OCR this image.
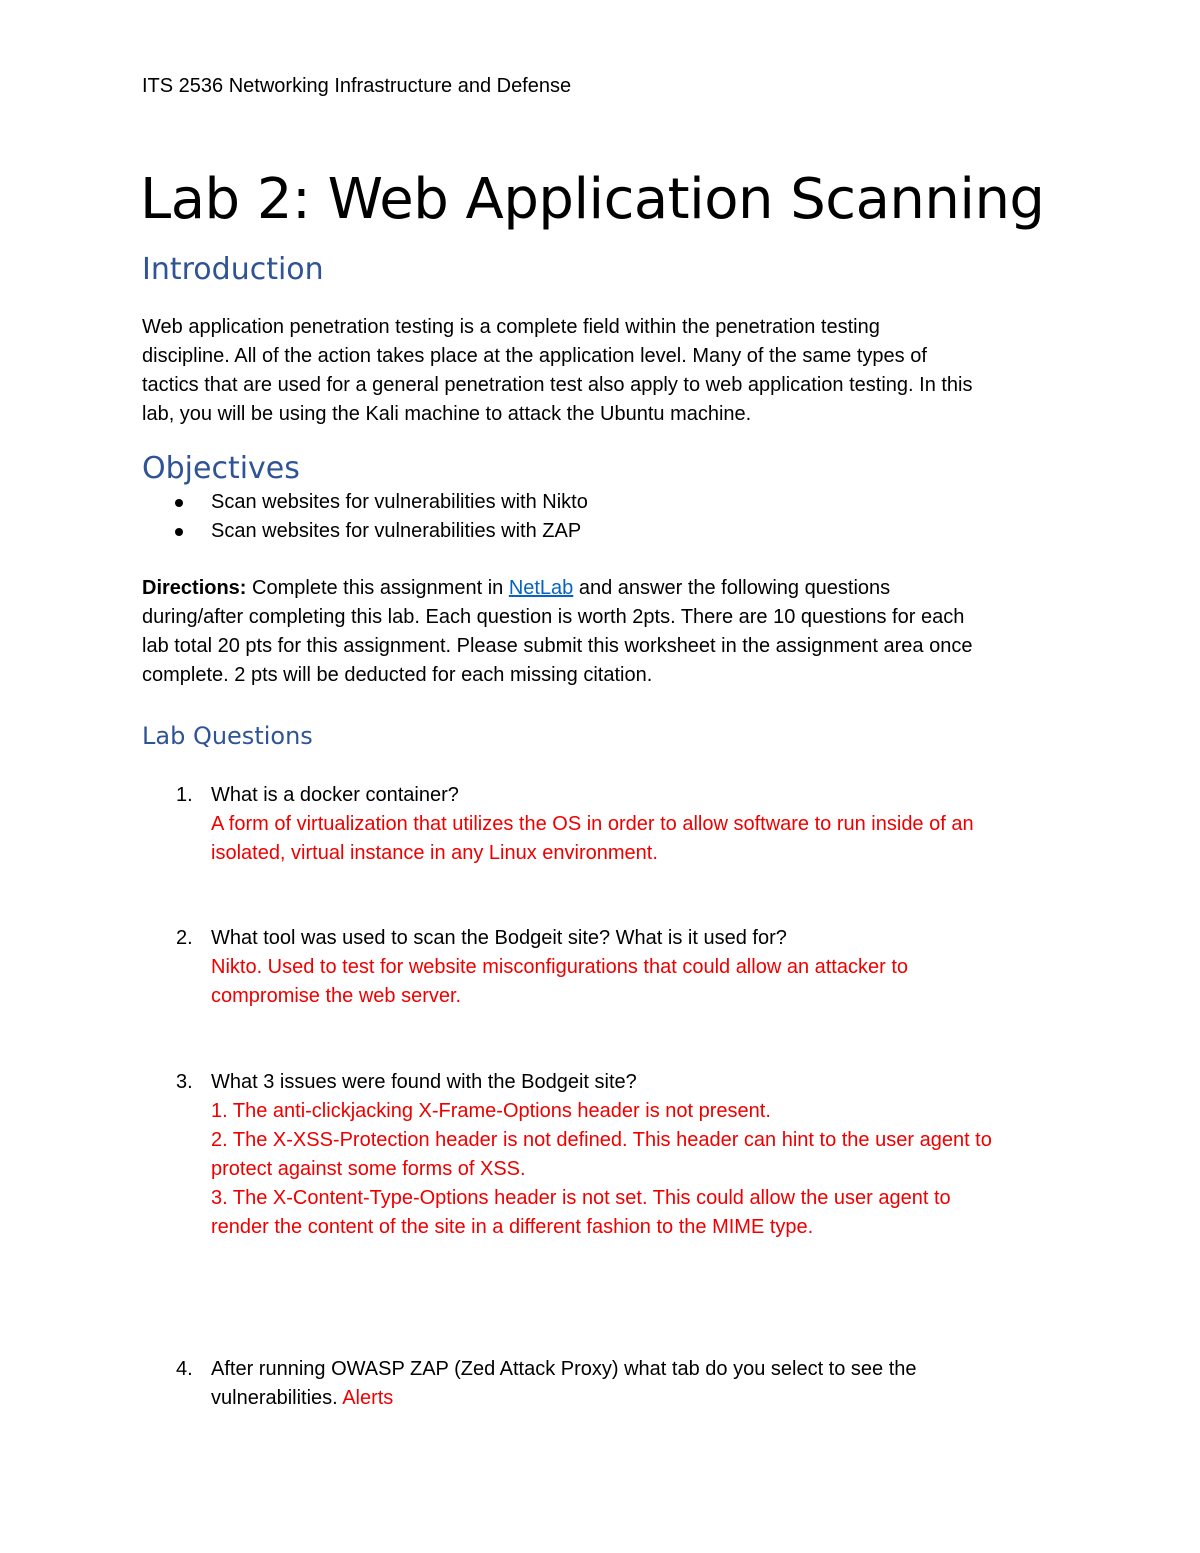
ITS 2536 Networking Infrastructure and Defense
Lab 2: Web Application Scanning
Introduction
Web application penetration testing is a complete field within the penetration testing
discipline. All of the action takes place at the application level. Many of the same types of
tactics that are used for a general penetration test also apply to web application testing. In this
lab, you will be using the Kali machine to attack the Ubuntu machine.
Objectives
Scan websites for vulnerabilities with Nikto
Scan websites for vulnerabilities with ZAP
Directions: Complete this assignment in NetLab and answer the following questions
during/after completing this lab. Each question is worth 2pts. There are 10 questions for each
lab total 20 pts for this assignment. Please submit this worksheet in the assignment area once
complete. 2 pts will be deducted for each missing citation.
Lab Questions
1. What is a docker container?
A form of virtualization that utilizes the OS in order to allow software to run inside of an
isolated, virtual instance in any Linux environment.
2. What tool was used to scan the Bodgeit site? What is it used for?
Nikto. Used to test for website misconfigurations that could allow an attacker to
compromise the web server.
3. What 3 issues were found with the Bodgeit site?
1. The anti-clickjacking X-Frame-Options header is not present.
2. The X-XSS-Protection header is not defined. This header can hint to the user agent to
protect against some forms of XSS.
3. The X-Content-Type-Options header is not set. This could allow the user agent to
render the content of the site in a different fashion to the MIME type.
4. After running OWASP ZAP (Zed Attack Proxy) what tab do you select to see the
vulnerabilities. Alerts
